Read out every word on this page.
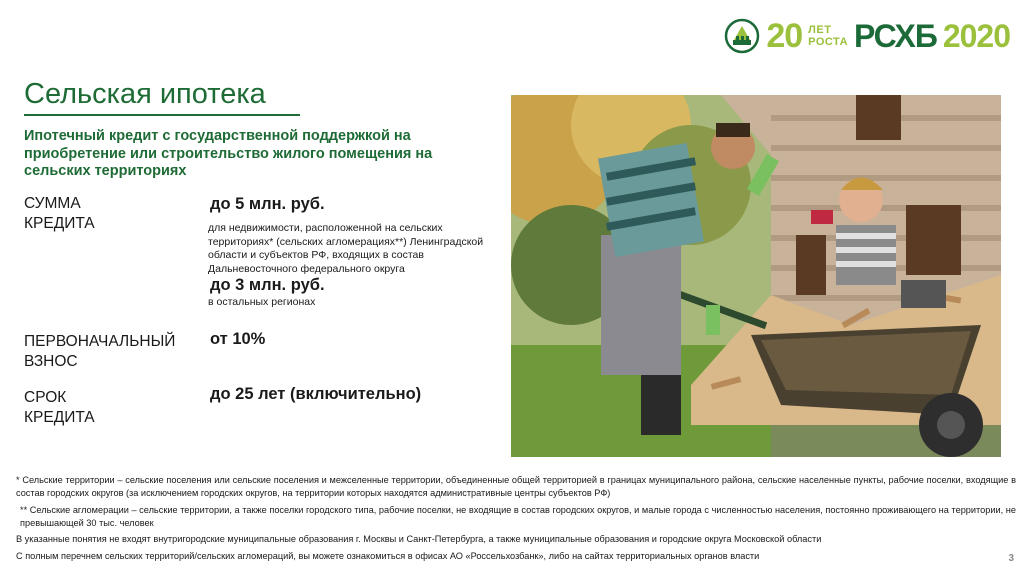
20 ЛЕТ
РОСТА РСХБ 2020
Сельская ипотека
Ипотечный кредит с государственной поддержкой на приобретение или строительство жилого помещения на сельских территориях
СУММА
КРЕДИТА
до 5 млн. руб.
для недвижимости, расположенной на сельских территориях* (сельских агломерациях**) Ленинградской области и субъектов РФ, входящих в состав Дальневосточного федерального округа
до 3 млн. руб.
в остальных регионах
ПЕРВОНАЧАЛЬНЫЙ
ВЗНОС
от 10%
СРОК
КРЕДИТА
до 25 лет (включительно)
* Сельские территории – сельские поселения или сельские поселения и межселенные территории, объединенные общей территорией в границах муниципального района, сельские населенные пункты, рабочие поселки, входящие в состав городских округов (за исключением городских округов, на территории которых находятся административные центры субъектов РФ)
** Сельские агломерации – сельские территории, а также поселки городского типа, рабочие поселки, не входящие в состав городских округов, и малые города с численностью населения, постоянно проживающего на территории, не превышающей 30 тыс. человек
В указанные понятия не входят внутригородские муниципальные образования г. Москвы и Санкт-Петербурга, а также муниципальные образования и городские округа Московской области
С полным перечнем сельских территорий/сельских агломераций, вы можете ознакомиться в офисах АО «Россельхозбанк», либо на сайтах территориальных органов власти	3
